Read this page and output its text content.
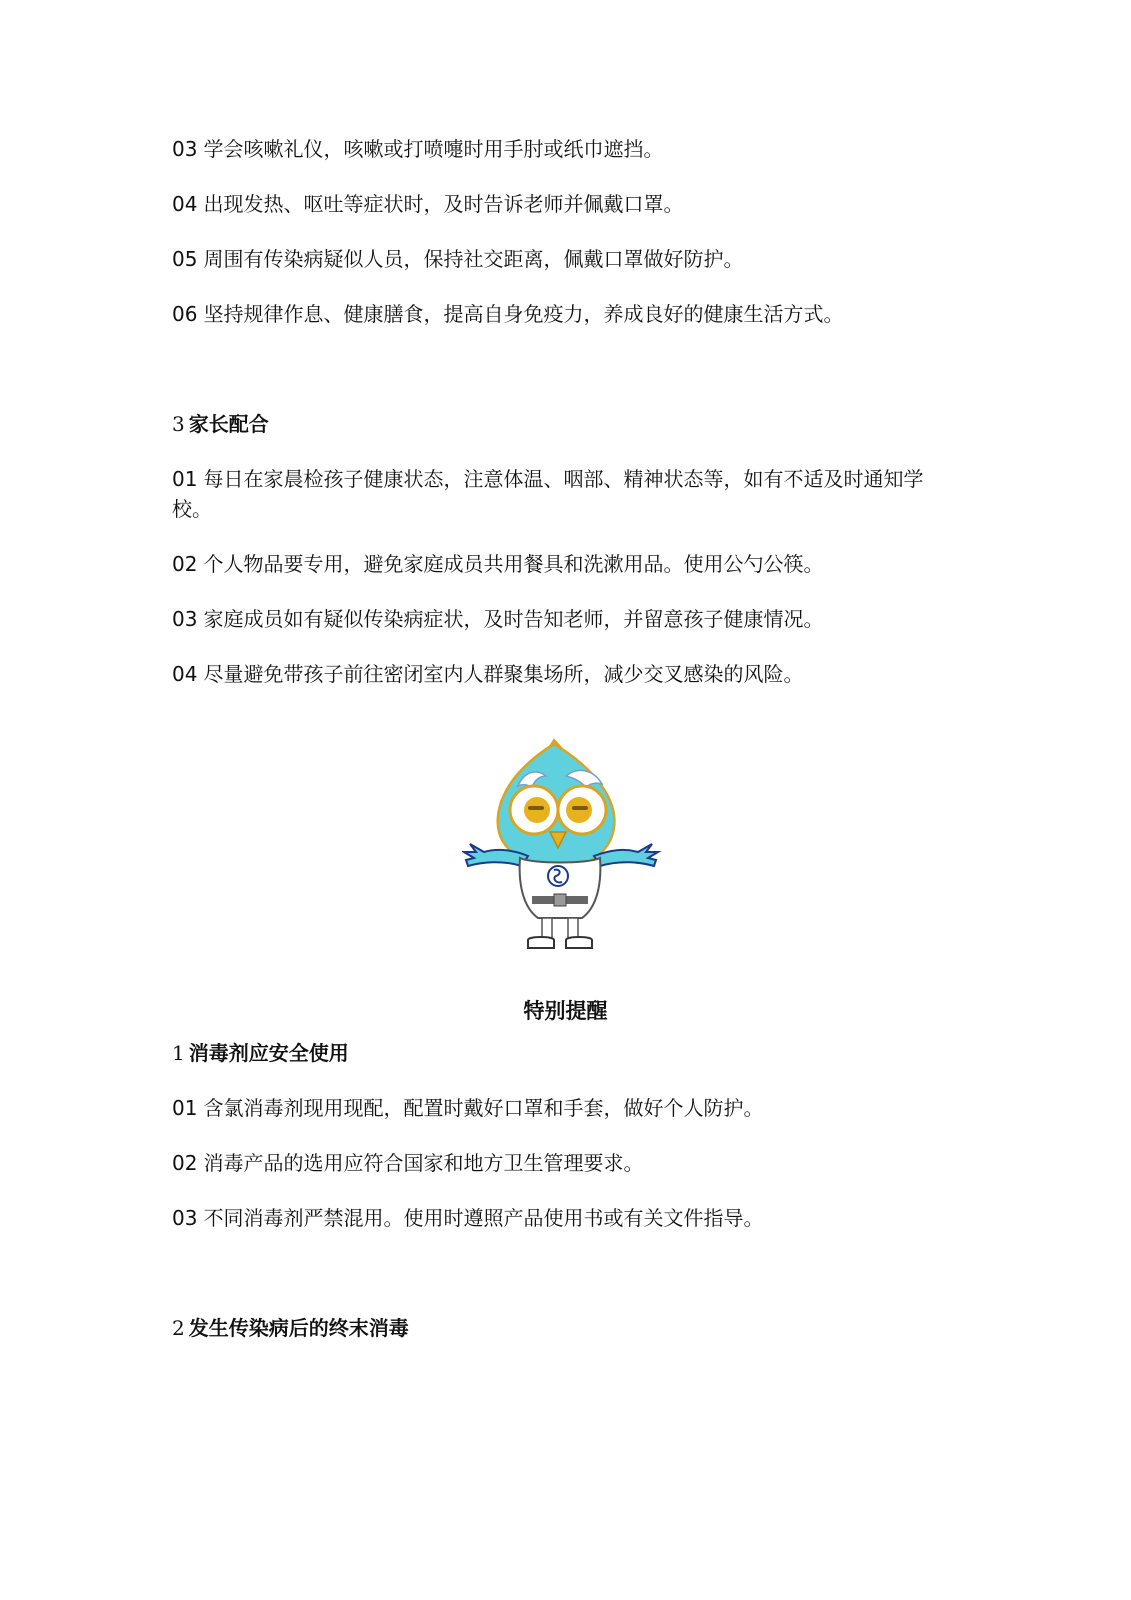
03 学会咳嗽礼仪，咳嗽或打喷嚏时用手肘或纸巾遮挡。
04 出现发热、呕吐等症状时，及时告诉老师并佩戴口罩。
05 周围有传染病疑似人员，保持社交距离，佩戴口罩做好防护。
06 坚持规律作息、健康膳食，提高自身免疫力，养成良好的健康生活方式。
3 家长配合
01 每日在家晨检孩子健康状态，注意体温、咽部、精神状态等，如有不适及时通知学校。
02 个人物品要专用，避免家庭成员共用餐具和洗漱用品。使用公勺公筷。
03 家庭成员如有疑似传染病症状，及时告知老师，并留意孩子健康情况。
04 尽量避免带孩子前往密闭室内人群聚集场所，减少交叉感染的风险。
特别提醒
1 消毒剂应安全使用
01 含氯消毒剂现用现配，配置时戴好口罩和手套，做好个人防护。
02 消毒产品的选用应符合国家和地方卫生管理要求。
03 不同消毒剂严禁混用。使用时遵照产品使用书或有关文件指导。
2 发生传染病后的终末消毒
